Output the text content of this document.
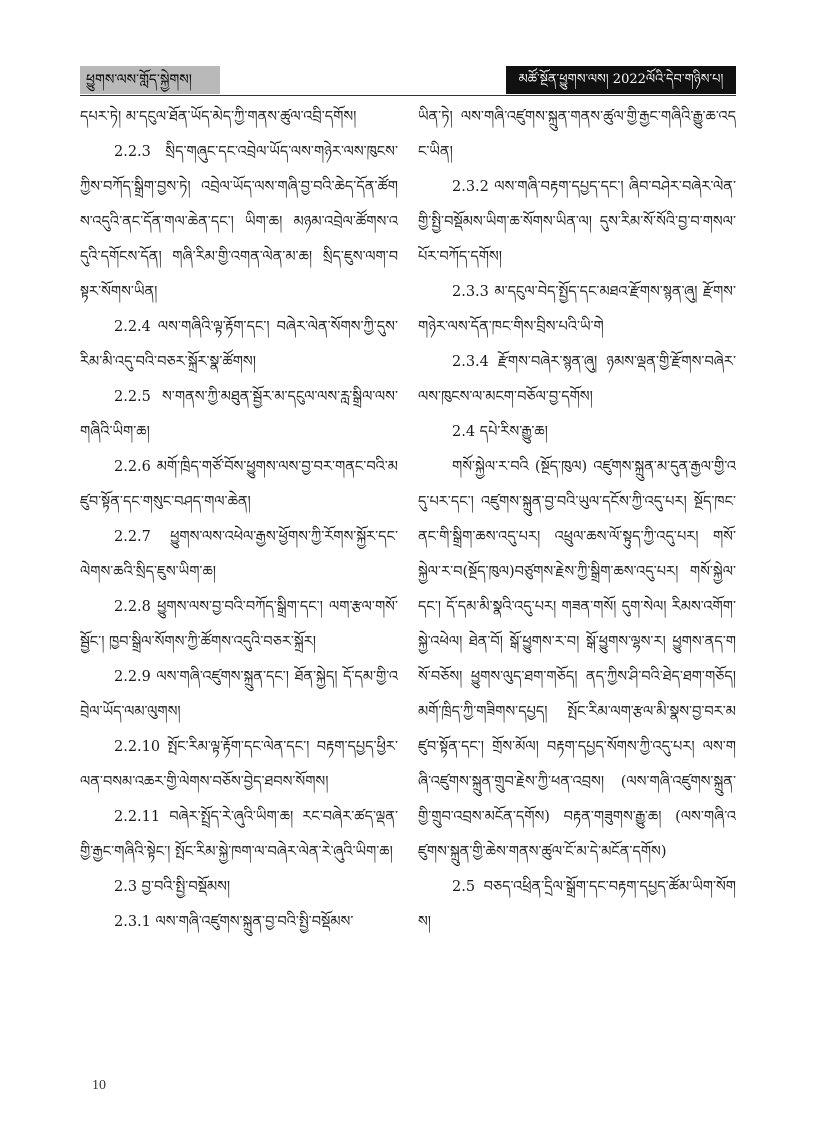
ཕྱུགས་ལས་གློད་སྐྱེགས།	མཚོ་སྔོན་ཕྱུགས་ལས། 2022ལོའི་དེབ་གཉིས་པ།

དཔར་ཏེ། མ་དངུལ་ཐོན་ཡོད་མེད་ཀྱི་གནས་ཚུལ་འབྲི་དགོས།

2.2.3 སྲིད་གཞུང་དང་འབྲེལ་ཡོད་ལས་གཉེར་ལས་ཁུངས་ཀྱིས་བཀོད་སྒྲིག་བྱས་ཏེ། འབྲེལ་ཡོད་ལས་གཞི་བྱ་བའི་ཆེད་དོན་ཚོགས་འདུའི་ནང་དོན་གལ་ཆེན་དང་། ཡིག་ཆ། མཉམ་འབྲེལ་ཚོགས་འདུའི་དགོངས་དོན། གཞི་རིམ་གྱི་འགན་ལེན་མ་ཆ། སྲིད་ཇུས་ལག་བསྟར་སོགས་ཡིན།

2.2.4 ལས་གཞིའི་ལྟ་རྟོག་དང་། བཞེར་ལེན་སོགས་ཀྱི་དུས་རིམ་མི་འདུ་བའི་བཅར་སྐྲོར་སྣ་ཚོགས།

2.2.5 ས་གནས་ཀྱི་མཐུན་སྦྱོར་མ་དངུལ་ལས་རླ་སྒྲིལ་ལས་གཞིའི་ཡིག་ཆ།

2.2.6 མགོ་ཁྲིད་གཙོ་བོས་ཕྱུགས་ལས་བྱ་བར་གནང་བའི་མཛུབ་སྟོན་དང་གསུང་བཤད་གལ་ཆེན།

2.2.7 ཕྱུགས་ལས་འཕེལ་རྒྱས་ཕྱོགས་ཀྱི་རོགས་སྐྱོར་དང་ལེགས་ཆའི་སྲིད་ཇུས་ཡིག་ཆ།

2.2.8 ཕྱུགས་ལས་བྱ་བའི་བཀོད་སྒྲིག་དང་། ལག་རྩལ་གསོ་སྦྱོང་། ཁྱབ་སྒྲིལ་སོགས་ཀྱི་ཚོགས་འདུའི་བཅར་སྐྲོར།

2.2.9 ལས་གཞི་འཛུགས་སྐྲུན་དང་། ཐོན་སྐྱེད། དོ་དམ་གྱི་འབྲེལ་ཡོད་ལམ་ལུགས།

2.2.10 སྤོང་རིམ་ལྟ་རྟོག་དང་ལེན་དང་། བརྟག་དཔྱད་ཕྱིར་ལན་བསམ་འཆར་གྱི་ལེགས་བཅོས་བྱེད་ཐབས་སོགས།

2.2.11 བཞེར་སྤྲོད་རེ་ཞུའི་ཡིག་ཆ། རང་བཞེར་ཚད་ལྡན་གྱི་རྒྱང་གཞིའི་སྟེང་། སྤོང་རིམ་སྐྱེ་ཁག་ལ་བཞེར་ལེན་རེ་ཞུའི་ཡིག་ཆ།

2.3 བྱ་བའི་སྤྱི་བསྡོམས།

2.3.1 ལས་གཞི་འཛུགས་སྐྲུན་བྱ་བའི་སྤྱི་བསྡོམས་

ཡིན་ཏེ། ལས་གཞི་འཛུགས་སྐྲུན་གནས་ཚུལ་གྱི་རྒྱང་གཞིའི་རྒྱུ་ཆ་འདང་ཡིན།

2.3.2 ལས་གཞི་བརྟག་དཔྱད་དང་། ཞིབ་བཤེར་བཞེར་ལེན་གྱི་སྤྱི་བསྡོམས་ཡིག་ཆ་སོགས་ཡིན་ལ། དུས་རིམ་སོ་སོའི་བྱ་བ་གསལ་པོར་བཀོད་དགོས།

2.3.3 མ་དངུལ་བེད་སྤྱོད་དང་མཐའ་རྫོགས་སྙན་ཞུ། རྫོགས་གཉེར་ལས་དོན་ཁང་གིས་བྲིས་པའི་ཡི་གེ

2.3.4 རྫོགས་བཞེར་སྙན་ཞུ། ཉམས་ལྡན་གྱི་རྫོགས་བཞེར་ལས་ཁུངས་ལ་མངག་བཅོལ་བྱ་དགོས།

2.4 དཔེ་རིས་རྒྱུ་ཆ།

གསོ་སྐྱེལ་ར་བའི (སྔོད་ཁུལ) འཛུགས་སྐྲུན་མ་དུན་རྒྱལ་གྱི་འདུ་པར་དང་། འཛུགས་སྐྲུན་བྱ་བའི་ཡུལ་དངོས་ཀྱི་འདུ་པར། སྔོད་ཁང་ནང་གི་སྒྲིག་ཆས་འདུ་པར། འཕྲུལ་ཆས་ལོ་སྟུད་ཀྱི་འདུ་པར། གསོ་སྐྱེལ་ར་བ(སྔོད་ཁུལ)བཙུགས་རྗེས་ཀྱི་སྒྲིག་ཆས་འདུ་པར། གསོ་སྐྱེལ་དང་། དོ་དམ་མི་སྣའི་འདུ་པར། གཟན་གསོ། དུག་སེལ། རིམས་འགོག་སྐྱེ་འཕེལ། ཐེན་བོ། སྒོ་ཕྱུགས་ར་བ། སྒོ་ཕྱུགས་ལྷས་ར། ཕྱུགས་ནད་གསོ་བཅོས། ཕྱུགས་ལུད་ཐག་གཅོད། ནད་ཀྱིས་ཤི་བའི་ཐེད་ཐག་གཅོད། མགོ་ཁྲིད་ཀྱི་གཟིགས་དཔྱད། སྤོང་རིམ་ལག་རྩལ་མི་སྣས་བྱ་བར་མཛུབ་སྟོན་དང་། གྲོས་མོལ། བརྟག་དཔྱད་སོགས་ཀྱི་འདུ་པར། ལས་གཞི་འཛུགས་སྐྲུན་གྲུབ་རྗེས་ཀྱི་ཕན་འབྲས། (ལས་གཞི་འཛུགས་སྐྲུན་གྱི་གྲུབ་འབྲས་མངོན་དགོས) བརྟན་གཟུགས་རྒྱུ་ཆ། (ལས་གཞི་འཛུགས་སྐྲུན་གྱི་ཆེས་གནས་ཚུལ་ངོ་མ་དེ་མངོན་དགོས)

2.5 བཅད་འཕྲིན་དྲིལ་སྒྲོག་དང་བརྟག་དཔྱད་ཚོམ་ཡིག་སོགས།

10
